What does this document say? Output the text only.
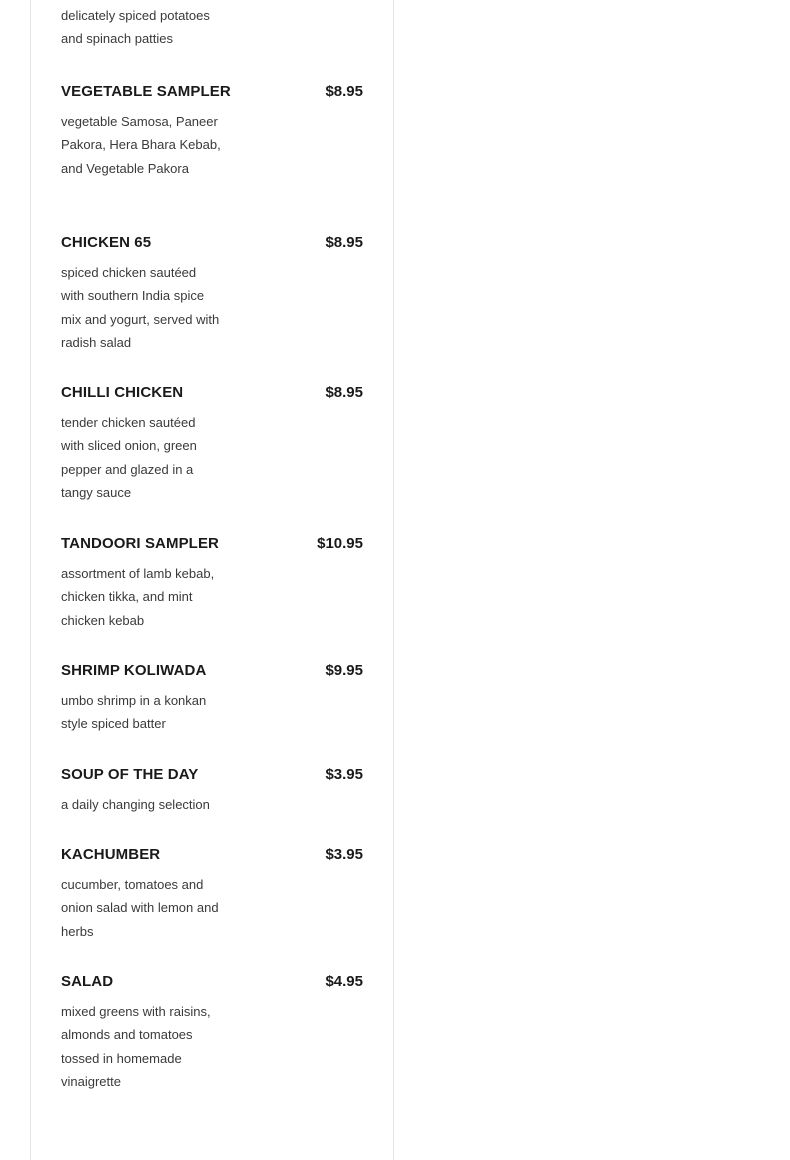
delicately spiced potatoes and spinach patties
VEGETABLE SAMPLER	$8.95
vegetable Samosa, Paneer Pakora, Hera Bhara Kebab, and Vegetable Pakora
CHICKEN 65	$8.95
spiced chicken sautéed with southern India spice mix and yogurt, served with radish salad
CHILLI CHICKEN	$8.95
tender chicken sautéed with sliced onion, green pepper and glazed in a tangy sauce
TANDOORI SAMPLER	$10.95
assortment of lamb kebab, chicken tikka, and mint chicken kebab
SHRIMP KOLIWADA	$9.95
umbo shrimp in a konkan style spiced batter
SOUP OF THE DAY	$3.95
a daily changing selection
KACHUMBER	$3.95
cucumber, tomatoes and onion salad with lemon and herbs
SALAD	$4.95
mixed greens with raisins, almonds and tomatoes tossed in homemade vinaigrette
